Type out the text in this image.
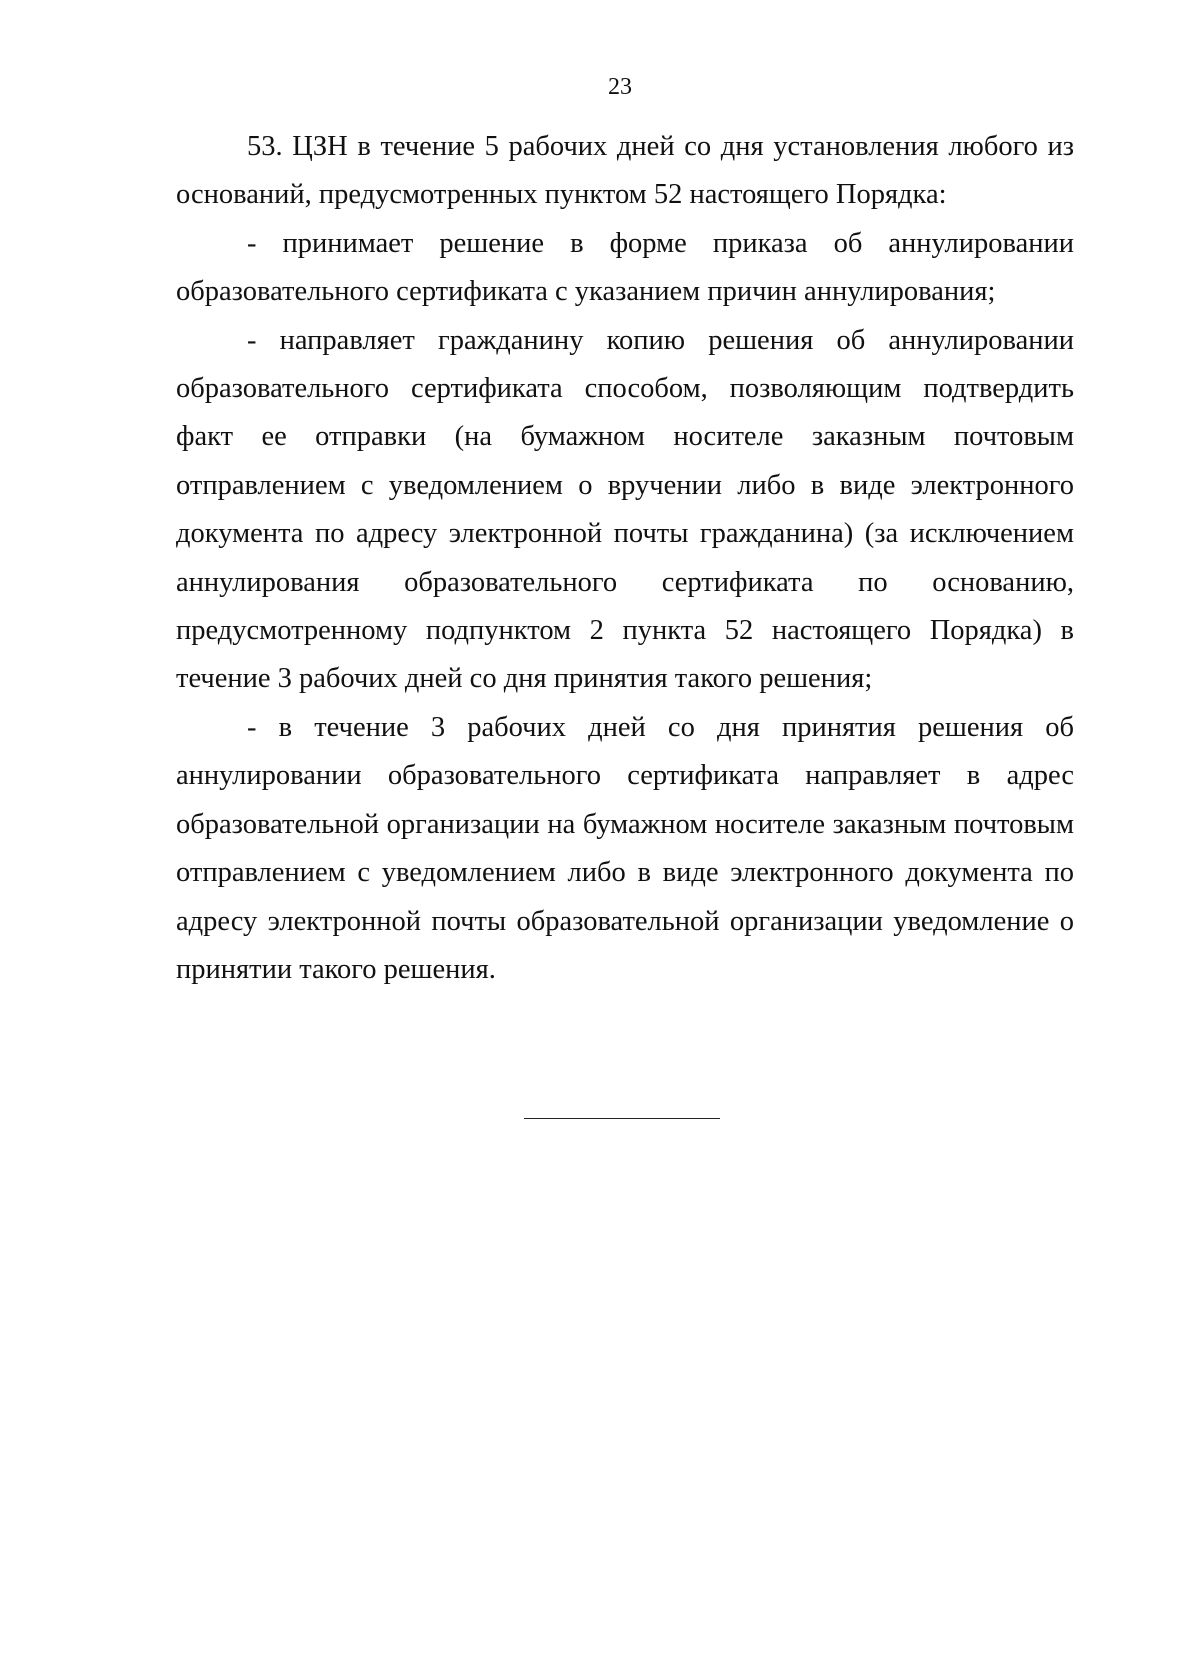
23

53. ЦЗН в течение 5 рабочих дней со дня установления любого из оснований, предусмотренных пунктом 52 настоящего Порядка:

- принимает решение в форме приказа об аннулировании образовательного сертификата с указанием причин аннулирования;

- направляет гражданину копию решения об аннулировании образовательного сертификата способом, позволяющим подтвердить факт ее отправки (на бумажном носителе заказным почтовым отправлением с уведомлением о вручении либо в виде электронного документа по адресу электронной почты гражданина) (за исключением аннулирования образовательного сертификата по основанию, предусмотренному подпунктом 2 пункта 52 настоящего Порядка) в течение 3 рабочих дней со дня принятия такого решения;

- в течение 3 рабочих дней со дня принятия решения об аннулировании образовательного сертификата направляет в адрес образовательной организации на бумажном носителе заказным почтовым отправлением с уведомлением либо в виде электронного документа по адресу электронной почты образовательной организации уведомление о принятии такого решения.
